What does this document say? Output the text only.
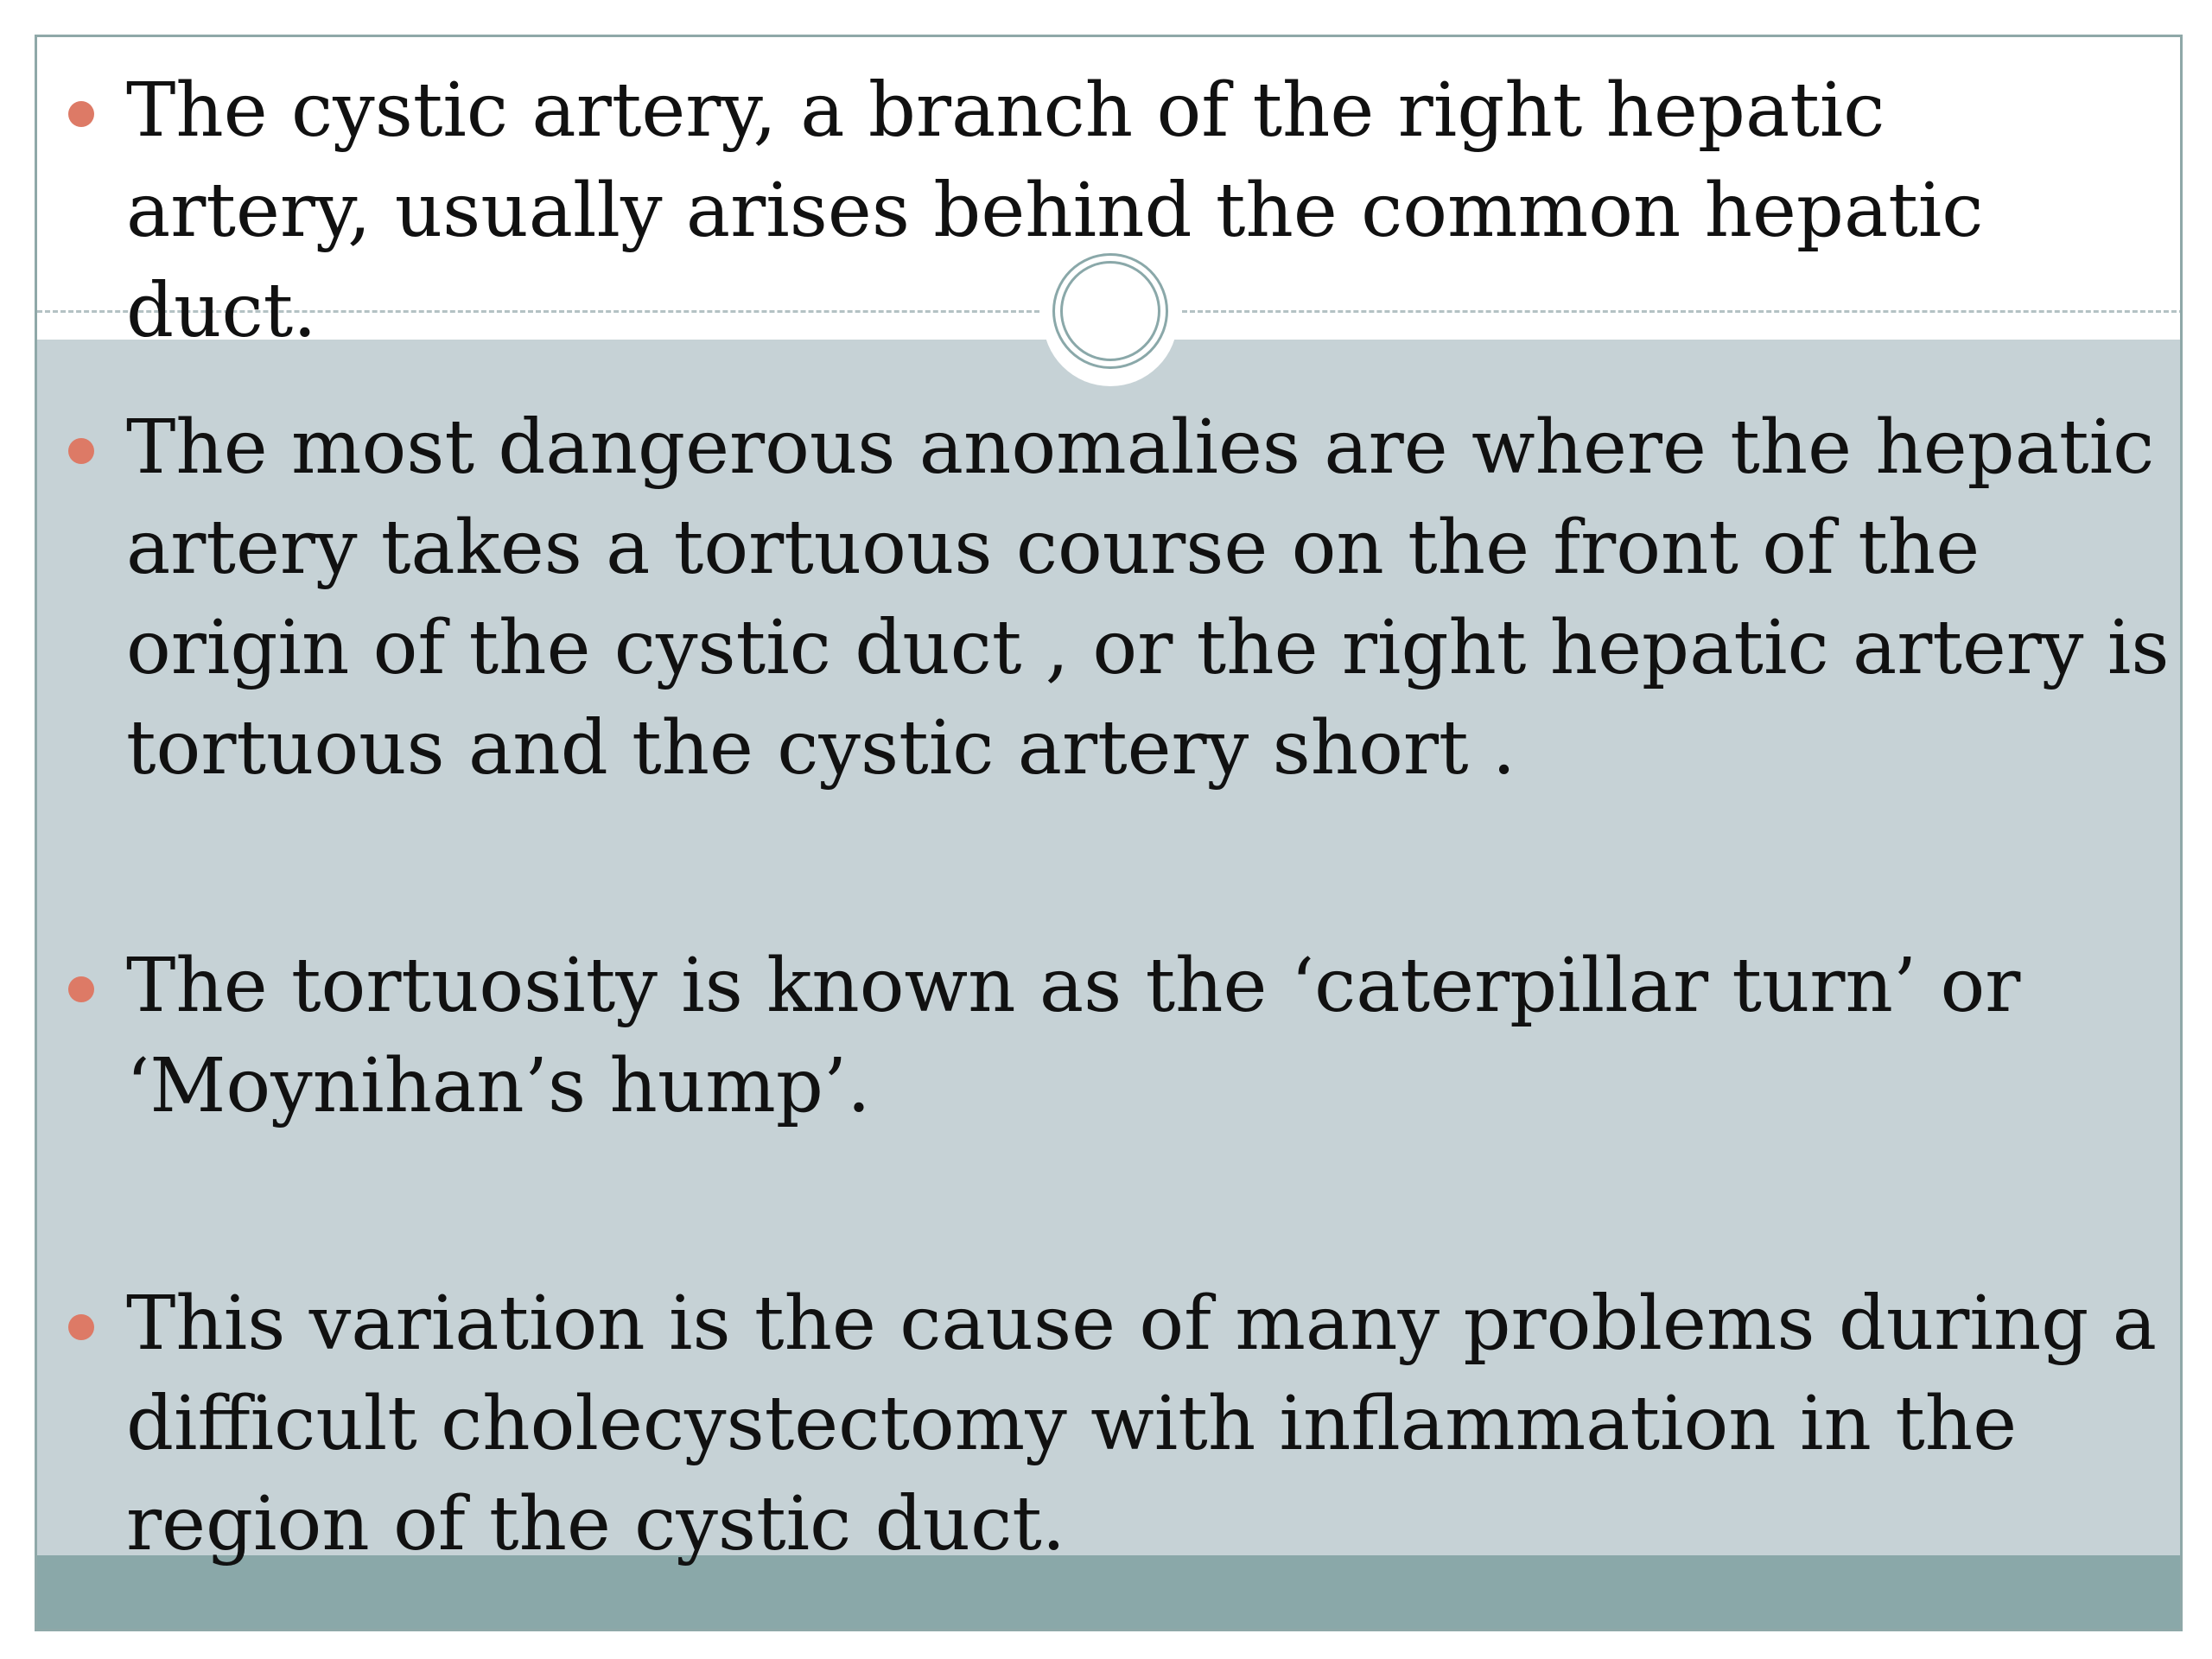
The cystic artery, a branch of the right hepatic artery, usually arises behind the common hepatic duct.

The most dangerous anomalies are where the hepatic artery takes a tortuous course on the front of the origin of the cystic duct , or the right hepatic artery is tortuous and the cystic artery short .

The tortuosity is known as the ‘caterpillar turn’ or ‘Moynihan’s hump’.

This variation is the cause of many problems during a difficult cholecystectomy with inflammation in the region of the cystic duct.
